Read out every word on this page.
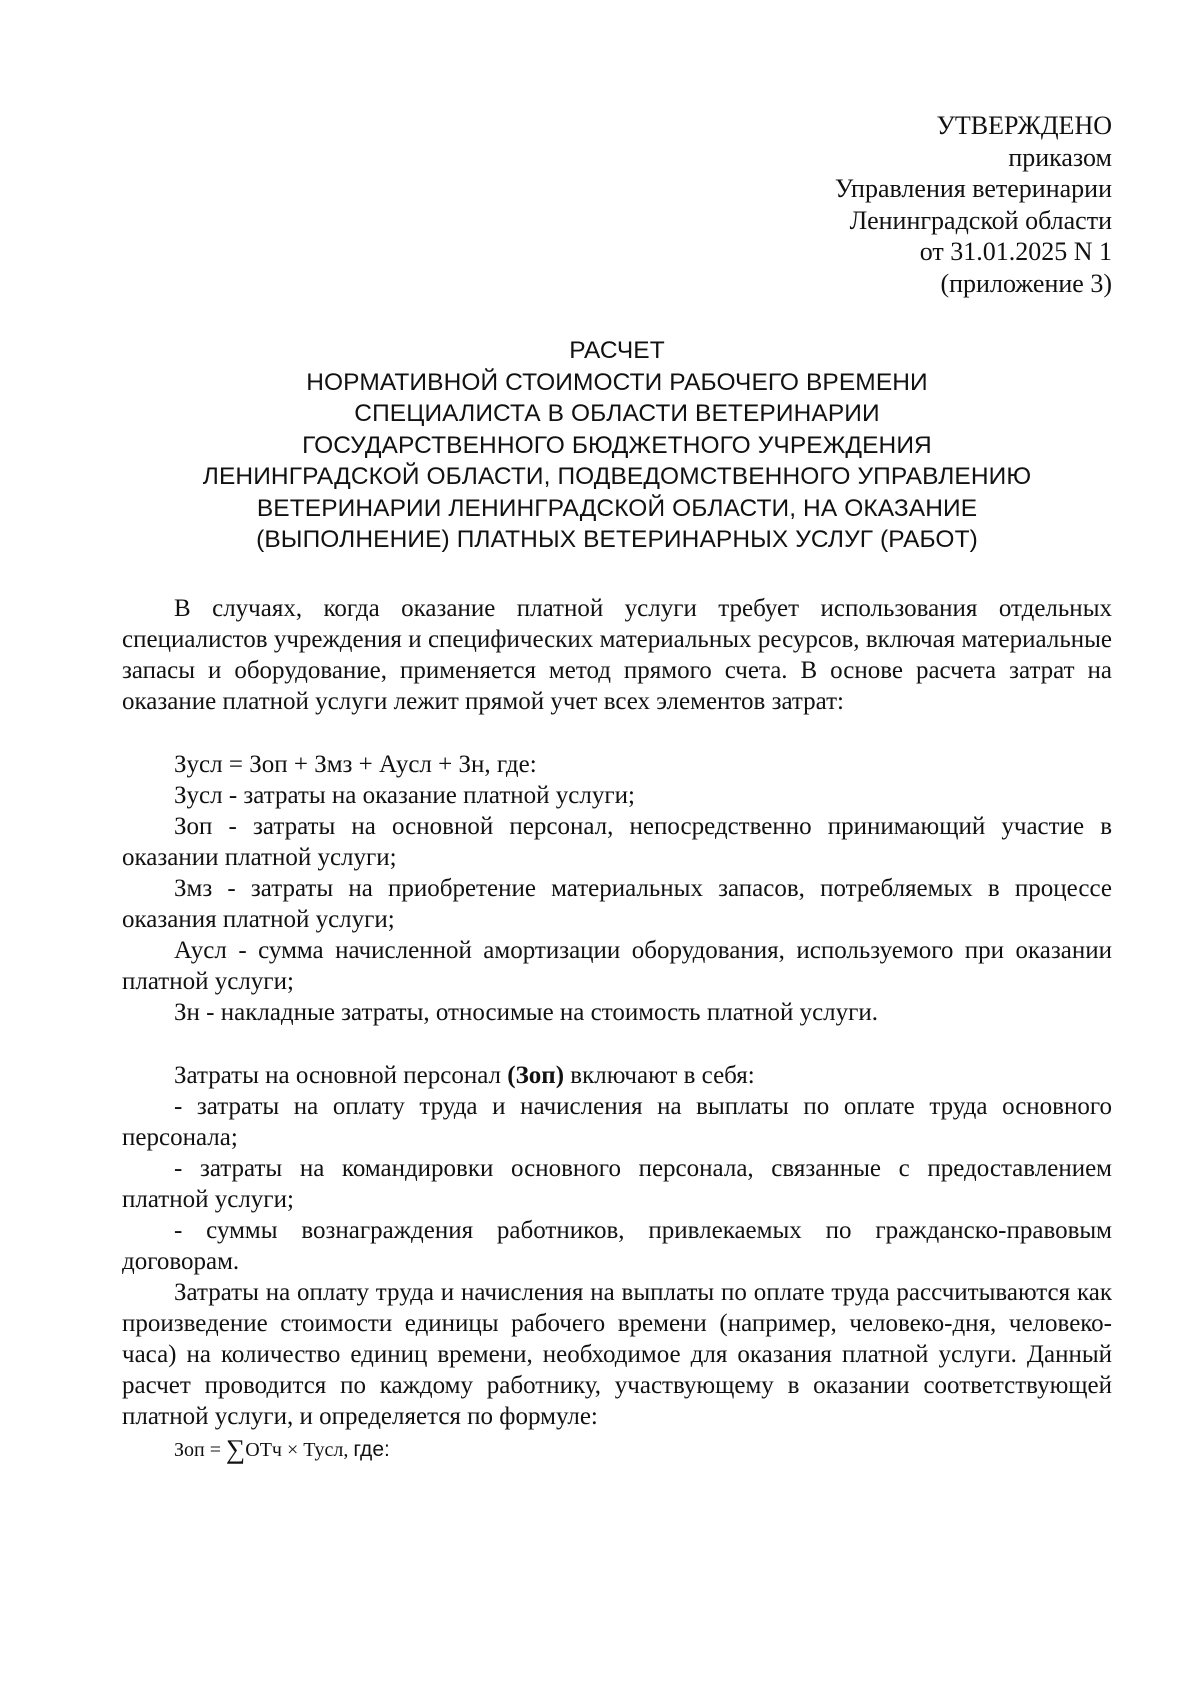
УТВЕРЖДЕНО
приказом
Управления ветеринарии
Ленинградской области
от 31.01.2025 N 1
(приложение 3)
РАСЧЕТ
НОРМАТИВНОЙ СТОИМОСТИ РАБОЧЕГО ВРЕМЕНИ
СПЕЦИАЛИСТА В ОБЛАСТИ ВЕТЕРИНАРИИ
ГОСУДАРСТВЕННОГО БЮДЖЕТНОГО УЧРЕЖДЕНИЯ
ЛЕНИНГРАДСКОЙ ОБЛАСТИ, ПОДВЕДОМСТВЕННОГО УПРАВЛЕНИЮ
ВЕТЕРИНАРИИ ЛЕНИНГРАДСКОЙ ОБЛАСТИ, НА ОКАЗАНИЕ
(ВЫПОЛНЕНИЕ) ПЛАТНЫХ ВЕТЕРИНАРНЫХ УСЛУГ (РАБОТ)

В случаях, когда оказание платной услуги требует использования отдельных специалистов учреждения и специфических материальных ресурсов, включая материальные запасы и оборудование, применяется метод прямого счета. В основе расчета затрат на оказание платной услуги лежит прямой учет всех элементов затрат:

Зусл = Зоп + Змз + Аусл + Зн, где:

Зусл - затраты на оказание платной услуги;

Зоп - затраты на основной персонал, непосредственно принимающий участие в оказании платной услуги;

Змз - затраты на приобретение материальных запасов, потребляемых в процессе оказания платной услуги;

Аусл - сумма начисленной амортизации оборудования, используемого при оказании платной услуги;

Зн - накладные затраты, относимые на стоимость платной услуги.

Затраты на основной персонал (Зоп) включают в себя:

- затраты на оплату труда и начисления на выплаты по оплате труда основного персонала;

- затраты на командировки основного персонала, связанные с предоставлением платной услуги;

- суммы вознаграждения работников, привлекаемых по гражданско-правовым договорам.

Затраты на оплату труда и начисления на выплаты по оплате труда рассчитываются как произведение стоимости единицы рабочего времени (например, человеко-дня, человеко-часа) на количество единиц времени, необходимое для оказания платной услуги. Данный расчет проводится по каждому работнику, участвующему в оказании соответствующей платной услуги, и определяется по формуле:

Зоп = ∑ОТч × Тусл, где:
